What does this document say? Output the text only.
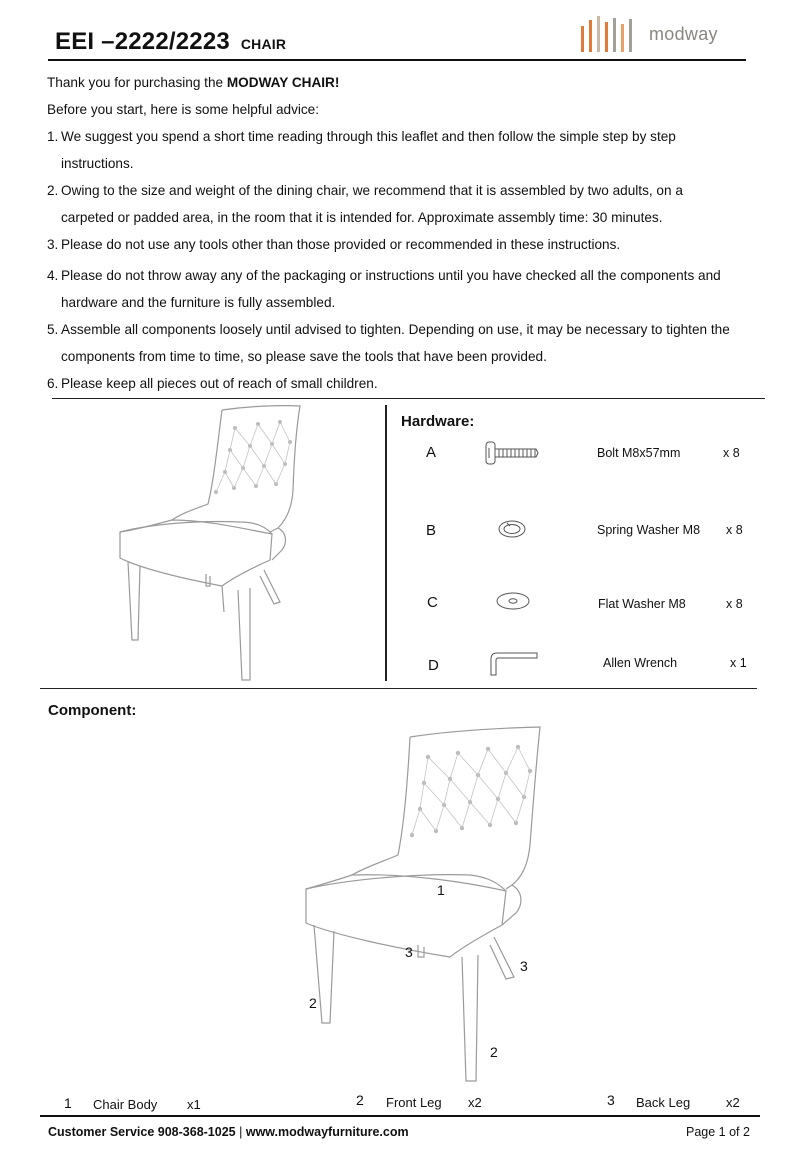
EEI –2222/2223 CHAIR	modway
Thank you for purchasing the MODWAY CHAIR!
Before you start, here is some helpful advice:
1. We suggest you spend a short time reading through this leaflet and then follow the simple step by step
instructions.
2. Owing to the size and weight of the dining chair, we recommend that it is assembled by two adults, on a
carpeted or padded area, in the room that it is intended for. Approximate assembly time: 30 minutes.
3. Please do not use any tools other than those provided or recommended in these instructions.
4. Please do not throw away any of the packaging or instructions until you have checked all the components and
hardware and the furniture is fully assembled.
5. Assemble all components loosely until advised to tighten. Depending on use, it may be necessary to tighten the
components from time to time, so please save the tools that have been provided.
6. Please keep all pieces out of reach of small children.
Hardware:
A	Bolt M8x57mm	x 8
B	Spring Washer M8 x 8
C	Flat Washer M8	x 8
D	Allen Wrench	x 1
Component:
1
3
3
2
2
1 Chair Body x1	2 Front Leg x2	3 Back Leg	x2
Customer Service 908-368-1025 | www.modwayfurniture.com	Page 1 of 2
